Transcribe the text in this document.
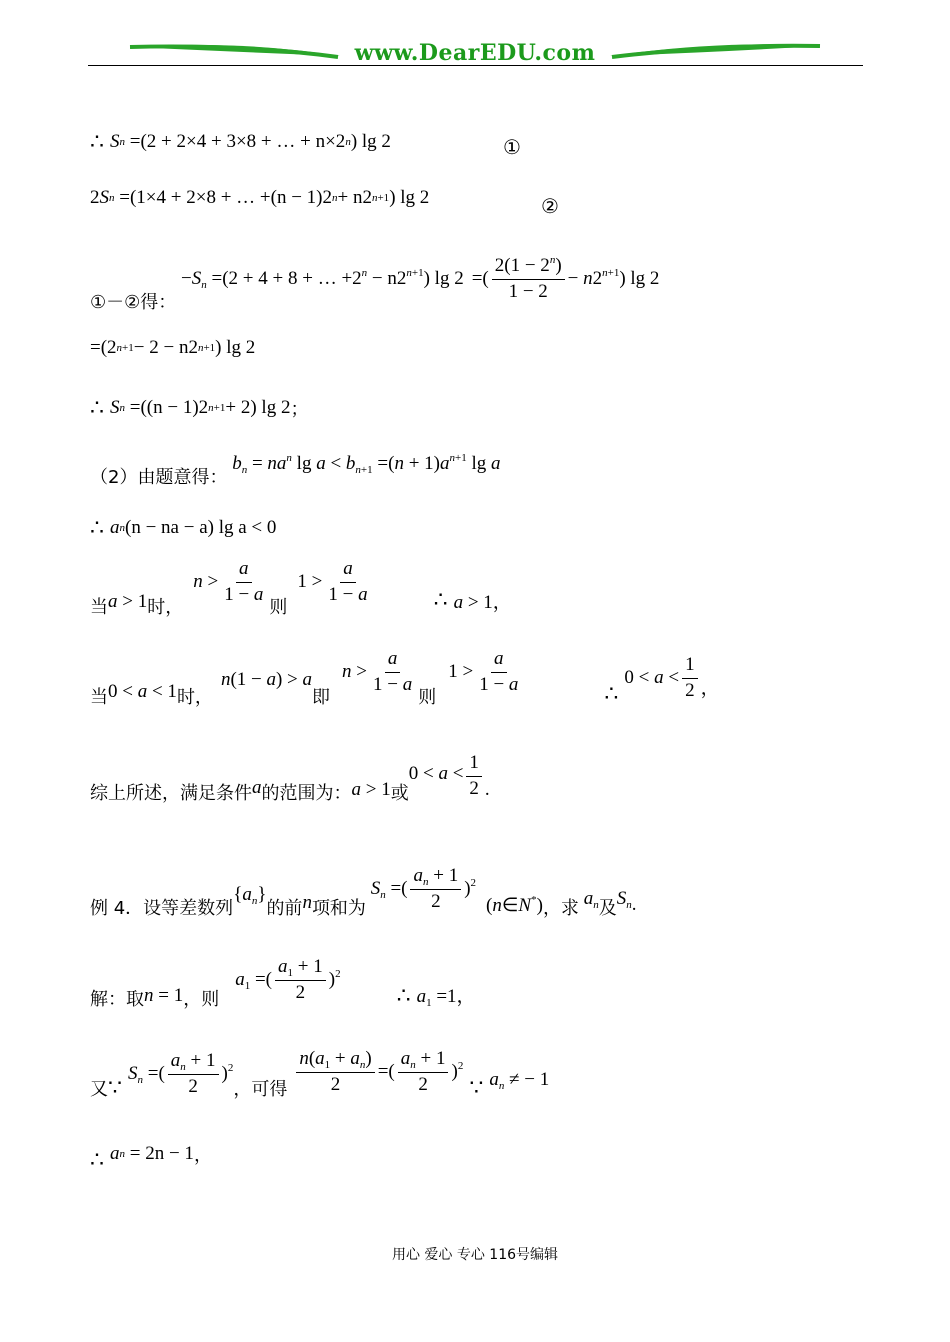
www.DearEDU.com
∴ S n = (2 + 2×4 + 3×8 + … + n×2 n ) lg 2	①
2 S n = (1×4 + 2×8 + … +(n − 1)2 n + n2 n+1 ) lg 2	②
①－②得：
$-S_n =(2 + 4 + 8$ + … $+2^n - n2^{n+1}$) lg 2 =( $\frac{2(1 - 2^n)}{1 - 2} - n2^{n+1}$) lg 2
=(2 n+1 − 2 − n2 n+1 ) lg 2
∴ S n = ((n − 1)2 n+1 + 2) lg 2 ；
（2）由题意得：
$b_n = na^n$ $\lg a < b_{n+1} =(n + 1)a^{n+1}$ lg a
∴ a n (n − na − a) lg a < 0
当 a > 1 时，
$n > \frac{a}{1 - a}$
则
$1 > \frac{a}{1 - a}$	∴ a > 1，
当 0 < a < 1 时，
n(1 − a) > a
即
$n > \frac{a}{1 - a}$
则
$1 > \frac{a}{1 - a}$	∴
$0 < a < \frac{1}{2}$ ，
综上所述，满足条件 a 的范围为： a > 1 或
$0 < a < \frac{1}{2}$ .
例 4．设等差数列
$\{a_n\}$
的前 n 项和为
$S_n$ =( $\frac{a_n + 1}{2} )^2$
(n∈N*) ，求 $a_n$ 及 $S_n$ .
解：取 n = 1 ，则
$a_1$ =( $\frac{a_1 + 1}{2} )^2$
∴ $a_1 =1$，
又 ∵
$S_n$ =( $\frac{a_n + 1}{2} )^2$
，可得 $\frac{n(a_1 + a_n)}{2}$ =( $\frac{a_n + 1}{2} )^2$
∵ $a_n$ ≠ − 1
∴ a n
= 2n − 1 ，
用心 爱心 专心 116号编辑
